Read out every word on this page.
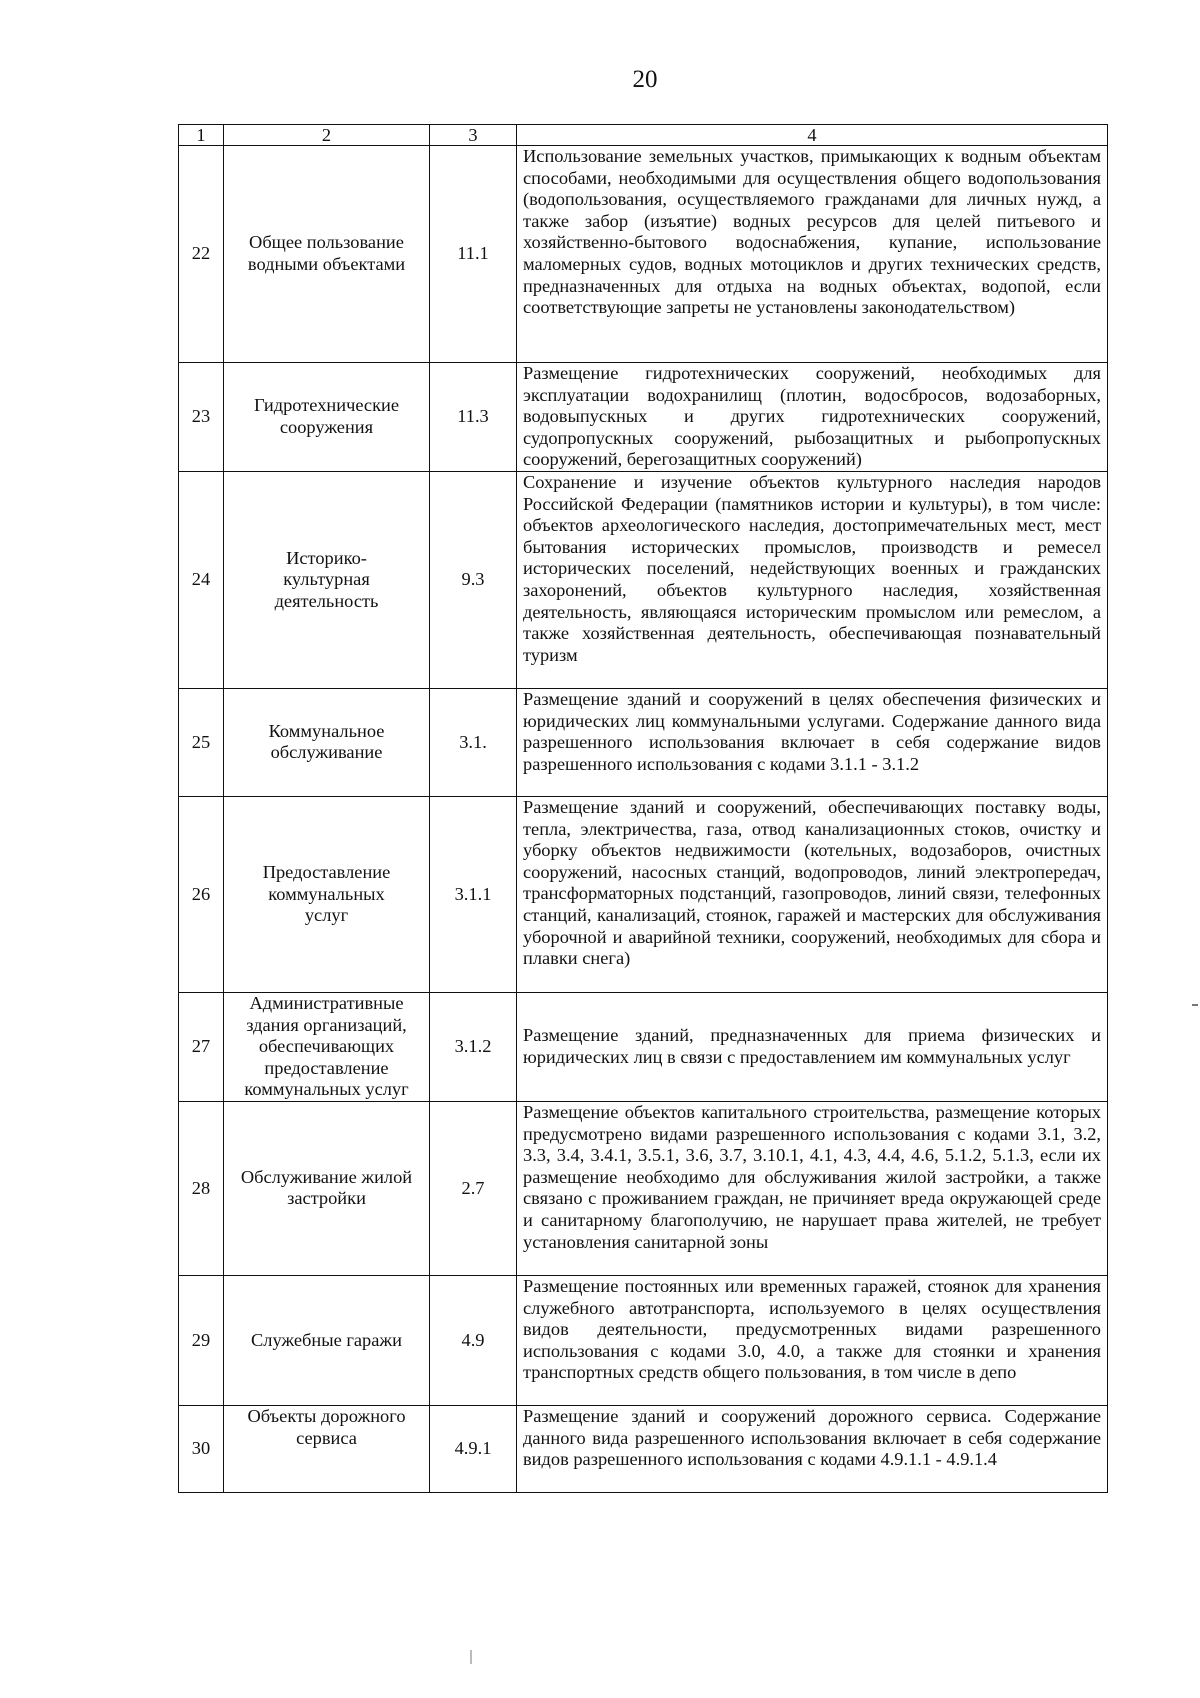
20
1	2	3	4
22	Общее пользование водными объектами	11.1	Использование земельных участков, примыкающих к водным объектам способами, необходимыми для осуществления общего водопользования (водопользования, осуществляемого гражданами для личных нужд, а также забор (изъятие) водных ресурсов для целей питьевого и хозяйственно-бытового водоснабжения, купание, использование маломерных судов, водных мотоциклов и других технических средств, предназначенных для отдыха на водных объектах, водопой, если соответствующие запреты не установлены законодательством)
23	Гидротехнические сооружения	11.3	Размещение гидротехнических сооружений, необходимых для эксплуатации водохранилищ (плотин, водосбросов, водозаборных, водовыпускных и других гидротехнических сооружений, судопропускных сооружений, рыбозащитных и рыбопропускных сооружений, берегозащитных сооружений)
24	Историко-культурная деятельность	9.3	Сохранение и изучение объектов культурного наследия народов Российской Федерации (памятников истории и культуры), в том числе: объектов археологического наследия, достопримечательных мест, мест бытования исторических промыслов, производств и ремесел исторических поселений, недействующих военных и гражданских захоронений, объектов культурного наследия, хозяйственная деятельность, являющаяся историческим промыслом или ремеслом, а также хозяйственная деятельность, обеспечивающая познавательный туризм
25	Коммунальное обслуживание	3.1.	Размещение зданий и сооружений в целях обеспечения физических и юридических лиц коммунальными услугами. Содержание данного вида разрешенного использования включает в себя содержание видов разрешенного использования с кодами 3.1.1 - 3.1.2
26	Предоставление коммунальных услуг	3.1.1	Размещение зданий и сооружений, обеспечивающих поставку воды, тепла, электричества, газа, отвод канализационных стоков, очистку и уборку объектов недвижимости (котельных, водозаборов, очистных сооружений, насосных станций, водопроводов, линий электропередач, трансформаторных подстанций, газопроводов, линий связи, телефонных станций, канализаций, стоянок, гаражей и мастерских для обслуживания уборочной и аварийной техники, сооружений, необходимых для сбора и плавки снега)
27	Административные здания организаций, обеспечивающих предоставление коммунальных услуг	3.1.2	Размещение зданий, предназначенных для приема физических и юридических лиц в связи с предоставлением им коммунальных услуг
28	Обслуживание жилой застройки	2.7	Размещение объектов капитального строительства, размещение которых предусмотрено видами разрешенного использования с кодами 3.1, 3.2, 3.3, 3.4, 3.4.1, 3.5.1, 3.6, 3.7, 3.10.1, 4.1, 4.3, 4.4, 4.6, 5.1.2, 5.1.3, если их размещение необходимо для обслуживания жилой застройки, а также связано с проживанием граждан, не причиняет вреда окружающей среде и санитарному благополучию, не нарушает права жителей, не требует установления санитарной зоны
29	Служебные гаражи	4.9	Размещение постоянных или временных гаражей, стоянок для хранения служебного автотранспорта, используемого в целях осуществления видов деятельности, предусмотренных видами разрешенного использования с кодами 3.0, 4.0, а также для стоянки и хранения транспортных средств общего пользования, в том числе в депо
30	Объекты дорожного сервиса	4.9.1	Размещение зданий и сооружений дорожного сервиса. Содержание данного вида разрешенного использования включает в себя содержание видов разрешенного использования с кодами 4.9.1.1 - 4.9.1.4
